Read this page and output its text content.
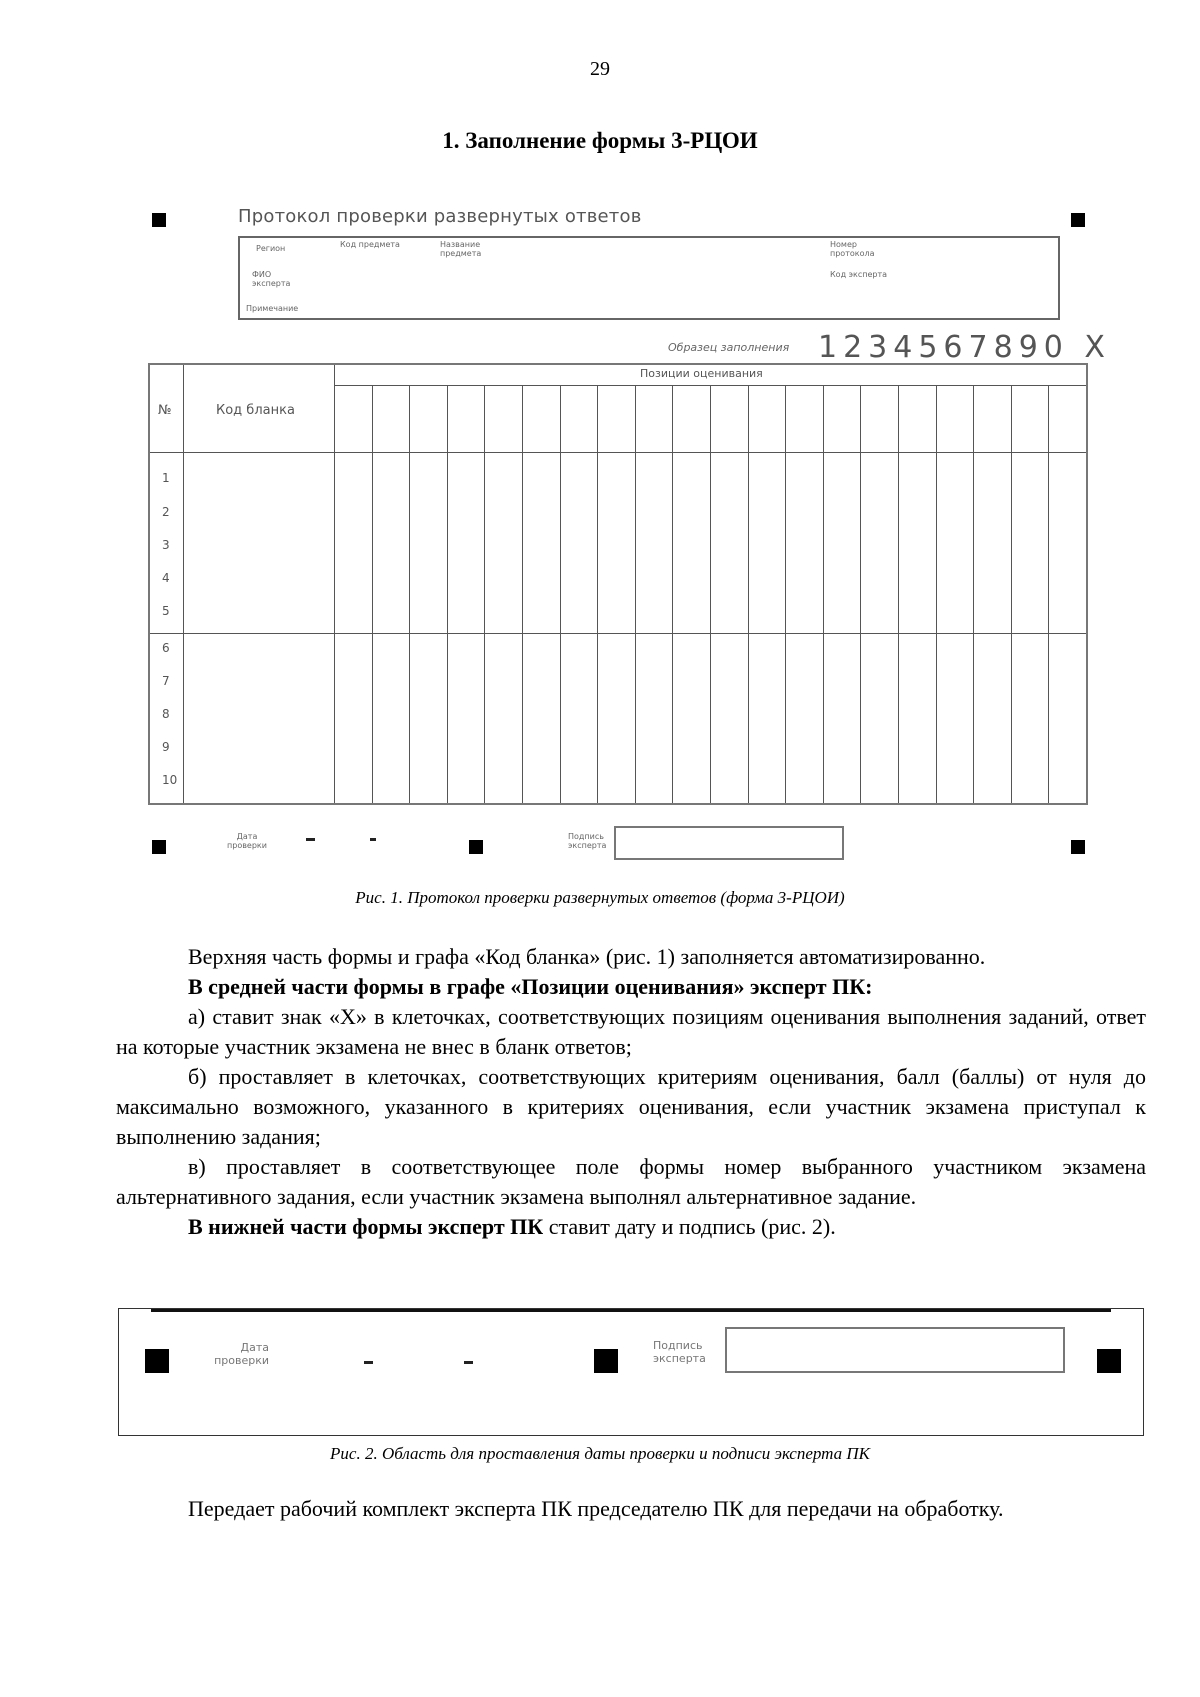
29
1. Заполнение формы 3-РЦОИ
Протокол проверки развернутых ответов
Регион	Код предмета	Название предмета
Номер протокола
ФИО эксперта
Код эксперта
Примечание
Образец заполнения 1234567890 X
№	Код бланка
Позиции оценивания
1
2
3
4
5
6
7
8
9
10
Дата проверки
Подпись эксперта
Рис. 1. Протокол проверки развернутых ответов (форма 3-РЦОИ)

Верхняя часть формы и графа «Код бланка» (рис. 1) заполняется автоматизированно.

В средней части формы в графе «Позиции оценивания» эксперт ПК:

а) ставит знак «X» в клеточках, соответствующих позициям оценивания выполнения заданий, ответ на которые участник экзамена не внес в бланк ответов;

б) проставляет в клеточках, соответствующих критериям оценивания, балл (баллы) от нуля до максимально возможного, указанного в критериях оценивания, если участник экзамена приступал к выполнению задания;

в) проставляет в соответствующее поле формы номер выбранного участником экзамена альтернативного задания, если участник экзамена выполнял альтернативное задание.

В нижней части формы эксперт ПК ставит дату и подпись (рис. 2).

Дата проверки
Подпись эксперта
Рис. 2. Область для проставления даты проверки и подписи эксперта ПК

Передает рабочий комплект эксперта ПК председателю ПК для передачи на обработку.
